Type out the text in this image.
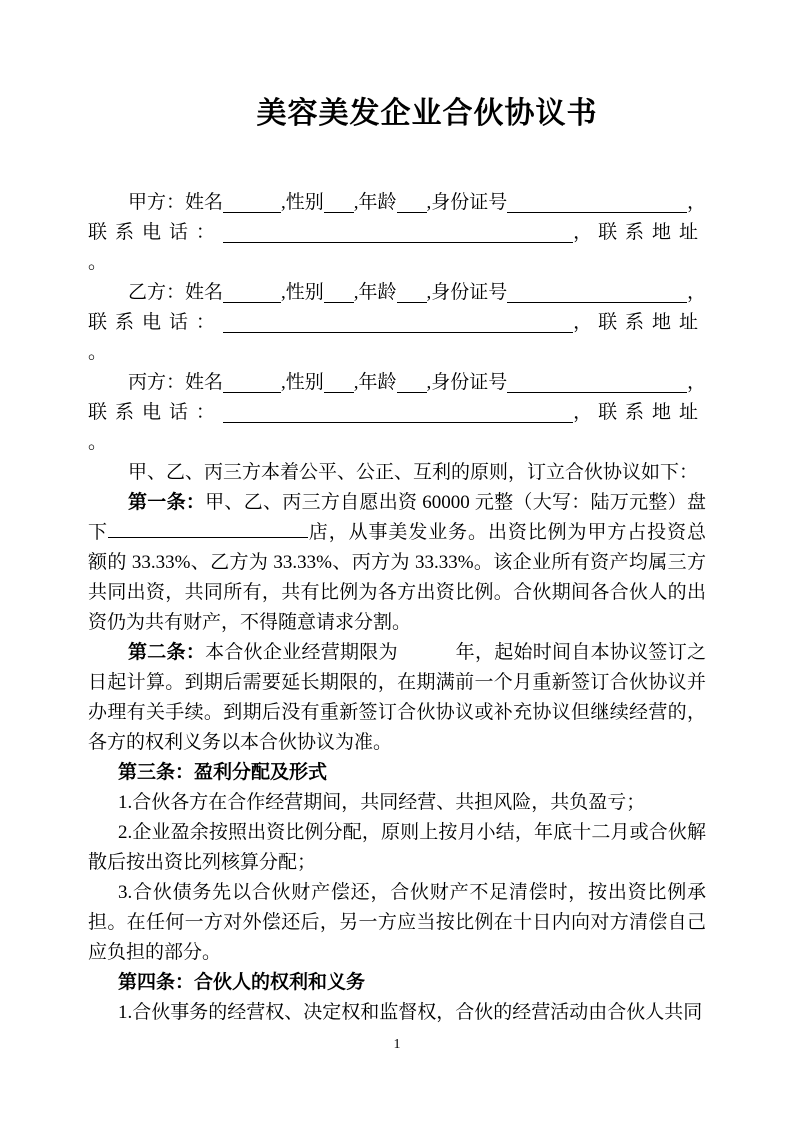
美容美发企业合伙协议书
甲方：姓名	,性别 ,年龄 ,身份证号	，
联系电话：	， 联系地址
。
乙方：姓名	,性别 ,年龄 ,身份证号	，
联系电话：	， 联系地址
。
丙方：姓名	,性别 ,年龄 ,身份证号	，
联系电话：	， 联系地址
。

甲、乙、丙三方本着公平、公正、互利的原则，订立合伙协议如下：

第一条：甲、乙、丙三方自愿出资 60000 元整（大写：陆万元整）盘下	店，从事美发业务。出资比例为甲方占投资总额的 33.33%、乙方为 33.33%、丙方为 33.33%。该企业所有资产均属三方共同出资，共同所有，共有比例为各方出资比例。合伙期间各合伙人的出资仍为共有财产，不得随意请求分割。

第二条：本合伙企业经营期限为　　　年，起始时间自本协议签订之日起计算。到期后需要延长期限的，在期满前一个月重新签订合伙协议并办理有关手续。到期后没有重新签订合伙协议或补充协议但继续经营的，各方的权利义务以本合伙协议为准。

第三条：盈利分配及形式

1.合伙各方在合作经营期间，共同经营、共担风险，共负盈亏；

2.企业盈余按照出资比例分配，原则上按月小结，年底十二月或合伙解散后按出资比列核算分配；

3.合伙债务先以合伙财产偿还，合伙财产不足清偿时，按出资比例承担。在任何一方对外偿还后，另一方应当按比例在十日内向对方清偿自己应负担的部分。

第四条：合伙人的权利和义务

1.合伙事务的经营权、决定权和监督权，合伙的经营活动由合伙人共同

1
